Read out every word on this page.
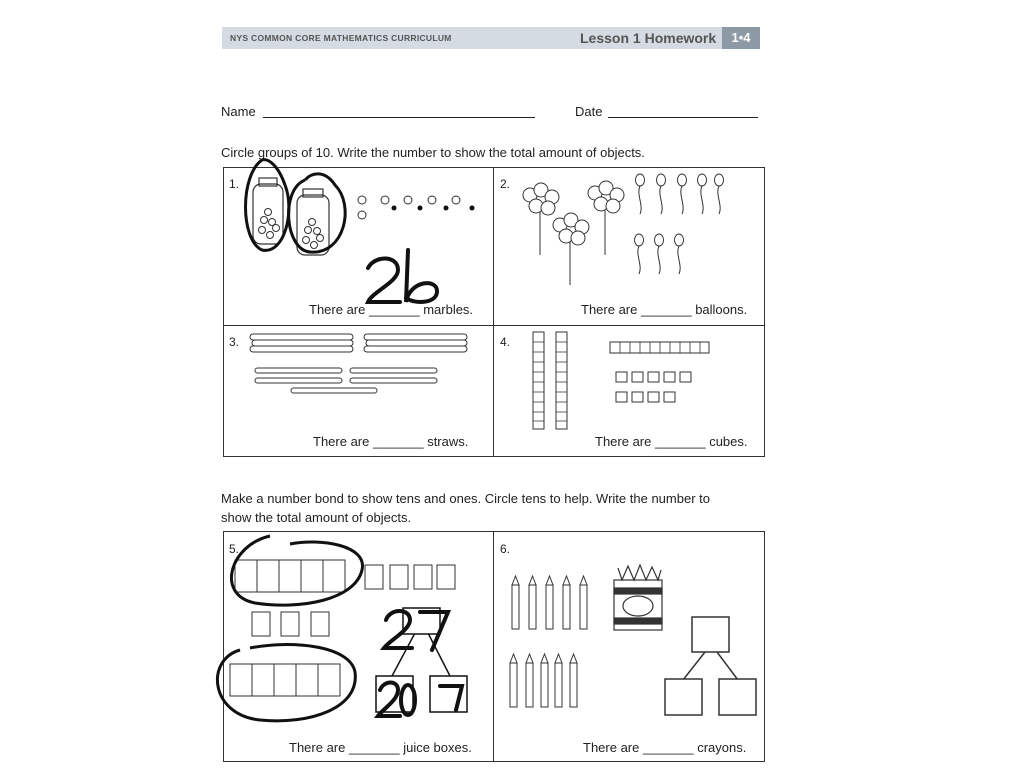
NYS COMMON CORE MATHEMATICS CURRICULUM	Lesson 1 Homework	1•4
Name	Date
Circle groups of 10. Write the number to show the total amount of objects.
1.	2.
3.	4.
There are _______ marbles.	There are _______ balloons.
There are _______ straws.	There are _______ cubes.
Make a number bond to show tens and ones. Circle tens to help. Write the number to
show the total amount of objects.
5.	6.
There are _______ juice boxes.	There are _______ crayons.
